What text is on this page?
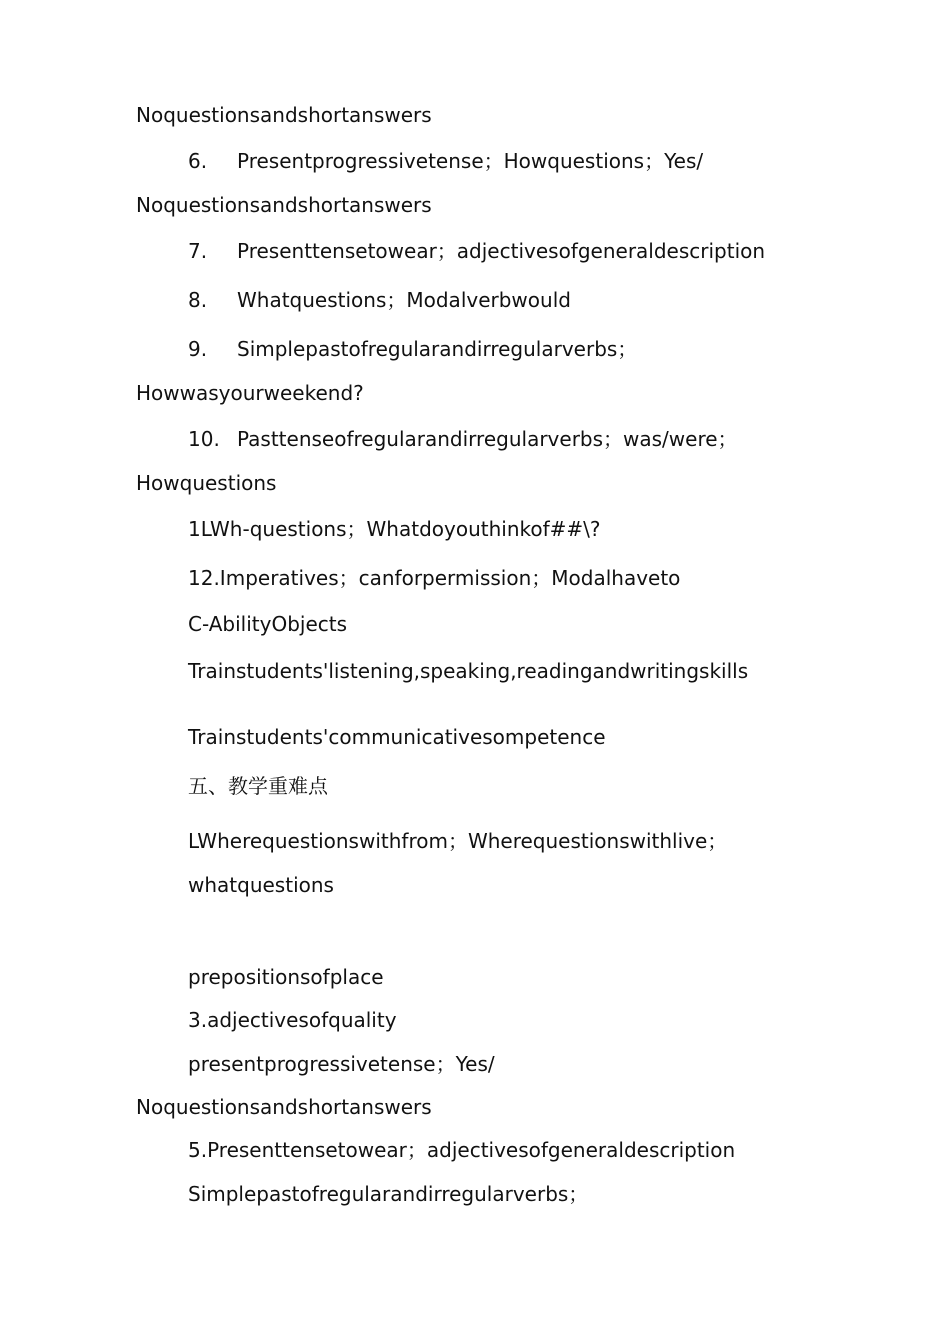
Noquestionsandshortanswers
6. Presentprogressivetense；Howquestions；Yes/
Noquestionsandshortanswers
7. Presenttensetowear；adjectivesofgeneraldescription
8. Whatquestions；Modalverbwould
9. Simplepastofregularandirregularverbs；
Howwasyourweekend?
10. Pasttenseofregularandirregularverbs；was/were；
Howquestions
1LWh-questions；Whatdoyouthinkof##\?
12.Imperatives；canforpermission；Modalhaveto
C-AbilityObjects
Trainstudents'listening,speaking,readingandwritingskills
Trainstudents'communicativesompetence
五、教学重难点
LWherequestionswithfrom；Wherequestionswithlive；
whatquestions
prepositionsofplace
3.adjectivesofquality
presentprogressivetense；Yes/
Noquestionsandshortanswers
5.Presenttensetowear；adjectivesofgeneraldescription
Simplepastofregularandirregularverbs；
